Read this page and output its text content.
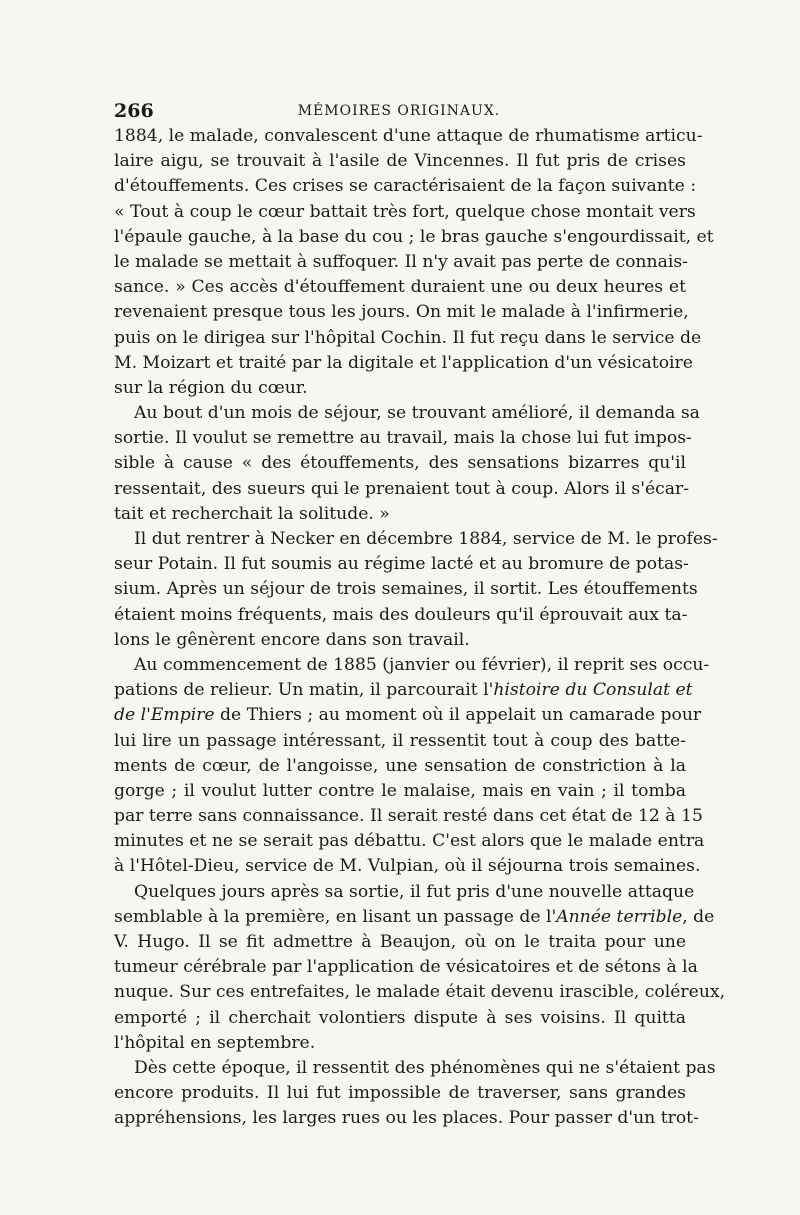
266	MÉMOIRES ORIGINAUX.
1884, le malade, convalescent d'une attaque de rhumatisme articu-
laire aigu, se trouvait à l'asile de Vincennes. Il fut pris de crises
d'étouffements. Ces crises se caractérisaient de la façon suivante :
« Tout à coup le cœur battait très fort, quelque chose montait vers
l'épaule gauche, à la base du cou ; le bras gauche s'engourdissait, et
le malade se mettait à suffoquer. Il n'y avait pas perte de connais-
sance. » Ces accès d'étouffement duraient une ou deux heures et
revenaient presque tous les jours. On mit le malade à l'infirmerie,
puis on le dirigea sur l'hôpital Cochin. Il fut reçu dans le service de
M. Moizart et traité par la digitale et l'application d'un vésicatoire
sur la région du cœur.
Au bout d'un mois de séjour, se trouvant amélioré, il demanda sa
sortie. Il voulut se remettre au travail, mais la chose lui fut impos-
sible à cause « des étouffements, des sensations bizarres qu'il
ressentait, des sueurs qui le prenaient tout à coup. Alors il s'écar-
tait et recherchait la solitude. »
Il dut rentrer à Necker en décembre 1884, service de M. le profes-
seur Potain. Il fut soumis au régime lacté et au bromure de potas-
sium. Après un séjour de trois semaines, il sortit. Les étouffements
étaient moins fréquents, mais des douleurs qu'il éprouvait aux ta-
lons le gênèrent encore dans son travail.
Au commencement de 1885 (janvier ou février), il reprit ses occu-
pations de relieur. Un matin, il parcourait l'histoire du Consulat et
de l'Empire de Thiers ; au moment où il appelait un camarade pour
lui lire un passage intéressant, il ressentit tout à coup des batte-
ments de cœur, de l'angoisse, une sensation de constriction à la
gorge ; il voulut lutter contre le malaise, mais en vain ; il tomba
par terre sans connaissance. Il serait resté dans cet état de 12 à 15
minutes et ne se serait pas débattu. C'est alors que le malade entra
à l'Hôtel-Dieu, service de M. Vulpian, où il séjourna trois semaines.
Quelques jours après sa sortie, il fut pris d'une nouvelle attaque
semblable à la première, en lisant un passage de l'Année terrible, de
V. Hugo. Il se fit admettre à Beaujon, où on le traita pour une
tumeur cérébrale par l'application de vésicatoires et de sétons à la
nuque. Sur ces entrefaites, le malade était devenu irascible, coléreux,
emporté ; il cherchait volontiers dispute à ses voisins. Il quitta
l'hôpital en septembre.
Dès cette époque, il ressentit des phénomènes qui ne s'étaient pas
encore produits. Il lui fut impossible de traverser, sans grandes
appréhensions, les larges rues ou les places. Pour passer d'un trot-
